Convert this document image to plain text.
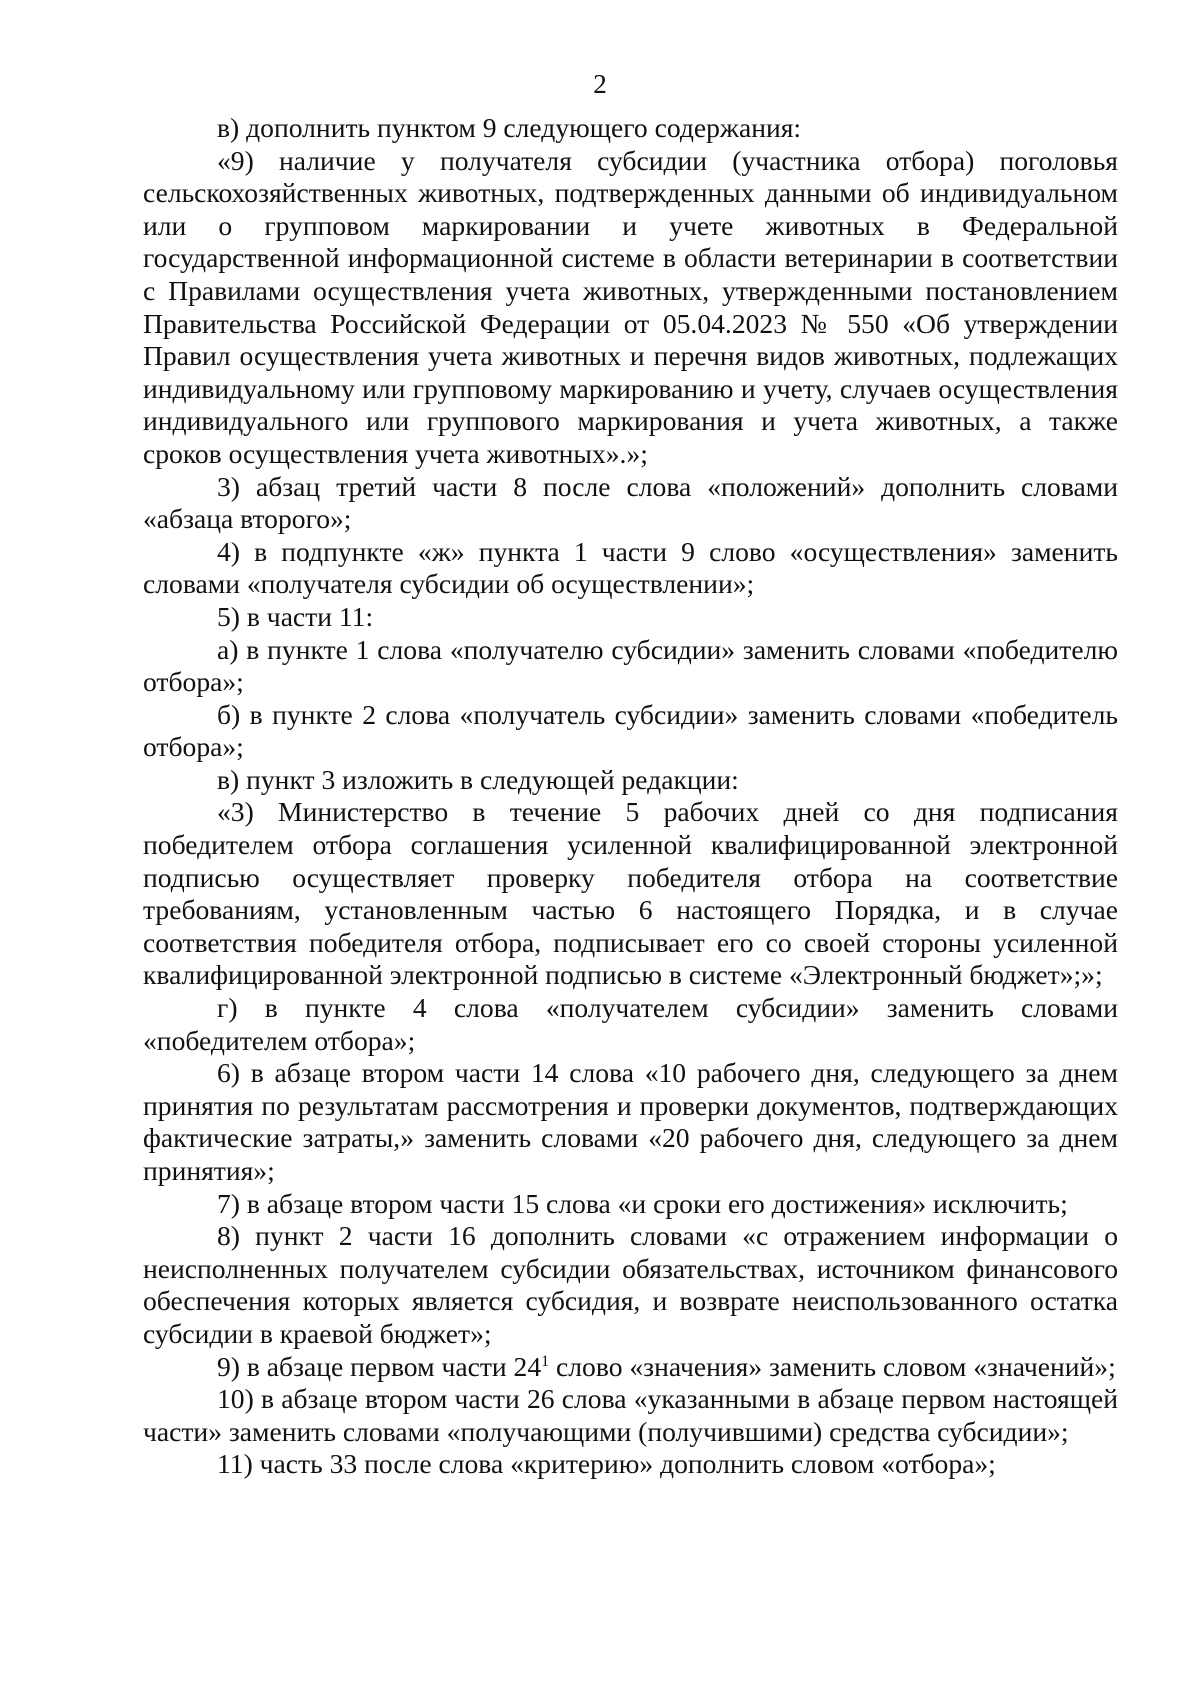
2

в) дополнить пунктом 9 следующего содержания:

«9) наличие у получателя субсидии (участника отбора) поголовья сельскохозяйственных животных, подтвержденных данными об индивидуальном или о групповом маркировании и учете животных в Федеральной государственной информационной системе в области ветеринарии в соответствии с Правилами осуществления учета животных, утвержденными постановлением Правительства Российской Федерации от 05.04.2023 № 550 «Об утверждении Правил осуществления учета животных и перечня видов животных, подлежащих индивидуальному или групповому маркированию и учету, случаев осуществления индивидуального или группового маркирования и учета животных, а также сроков осуществления учета животных».»;

3) абзац третий части 8 после слова «положений» дополнить словами «абзаца второго»;

4) в подпункте «ж» пункта 1 части 9 слово «осуществления» заменить словами «получателя субсидии об осуществлении»;

5) в части 11:

а) в пункте 1 слова «получателю субсидии» заменить словами «победителю отбора»;

б) в пункте 2 слова «получатель субсидии» заменить словами «победитель отбора»;

в) пункт 3 изложить в следующей редакции:

«3) Министерство в течение 5 рабочих дней со дня подписания победителем отбора соглашения усиленной квалифицированной электронной подписью осуществляет проверку победителя отбора на соответствие требованиям, установленным частью 6 настоящего Порядка, и в случае соответствия победителя отбора, подписывает его со своей стороны усиленной квалифицированной электронной подписью в системе «Электронный бюджет»;»;

г) в пункте 4 слова «получателем субсидии» заменить словами «победителем отбора»;

6) в абзаце втором части 14 слова «10 рабочего дня, следующего за днем принятия по результатам рассмотрения и проверки документов, подтверждающих фактические затраты,» заменить словами «20 рабочего дня, следующего за днем принятия»;

7) в абзаце втором части 15 слова «и сроки его достижения» исключить;

8) пункт 2 части 16 дополнить словами «с отражением информации о неисполненных получателем субсидии обязательствах, источником финансового обеспечения которых является субсидия, и возврате неиспользованного остатка субсидии в краевой бюджет»;

9) в абзаце первом части $24^1$ слово «значения» заменить словом «значений»;

10) в абзаце втором части 26 слова «указанными в абзаце первом настоящей части» заменить словами «получающими (получившими) средства субсидии»;

11) часть 33 после слова «критерию» дополнить словом «отбора»;
